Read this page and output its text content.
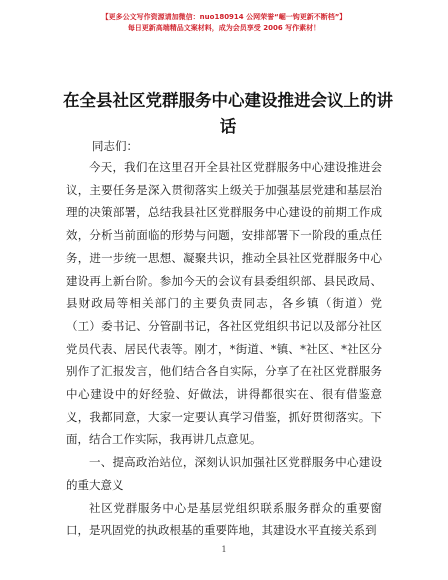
【更多公文写作资源请加微信：nuo180914 公网荣誉“崛一钩更新不断档”】
每日更新高端精品文案材料，成为会员享受 2006 写作素材！
在全县社区党群服务中心建设推进会议上的讲话
同志们：

今天，我们在这里召开全县社区党群服务中心建设推进会议，主要任务是深入贯彻落实上级关于加强基层党建和基层治理的决策部署，总结我县社区党群服务中心建设的前期工作成效，分析当前面临的形势与问题，安排部署下一阶段的重点任务，进一步统一思想、凝聚共识，推动全县社区党群服务中心建设再上新台阶。参加今天的会议有县委组织部、县民政局、县财政局等相关部门的主要负责同志，各乡镇（街道）党（工）委书记、分管副书记，各社区党组织书记以及部分社区党员代表、居民代表等。刚才，*街道、*镇、*社区、*社区分别作了汇报发言，他们结合各自实际，分享了在社区党群服务中心建设中的好经验、好做法，讲得都很实在、很有借鉴意义，我都同意，大家一定要认真学习借鉴，抓好贯彻落实。下面，结合工作实际，我再讲几点意见。

一、提高政治站位，深刻认识加强社区党群服务中心建设的重大意义

社区党群服务中心是基层党组织联系服务群众的重要窗口，是巩固党的执政根基的重要阵地，其建设水平直接关系到

1
